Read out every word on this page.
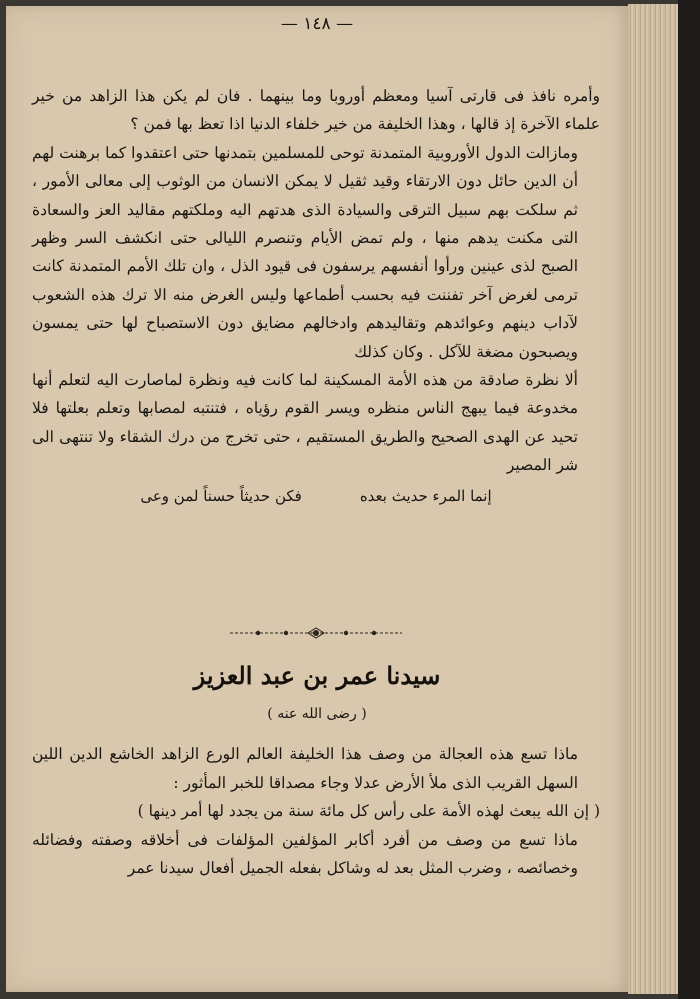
— ١٤٨ —

وأمره نافذ فى قارتى آسيا ومعظم أوروبا وما بينهما . فان لم يكن هذا الزاهد من خير علماء الآخرة إذ قالها ، وهذا الخليفة من خير خلفاء الدنيا اذا تعظ بها فمن ؟

ومازالت الدول الأوروبية المتمدنة توحى للمسلمين بتمدنها حتى اعتقدوا كما برهنت لهم أن الدين حائل دون الارتقاء وقيد ثقيل لا يمكن الانسان من الوثوب إلى معالى الأمور ، ثم سلكت بهم سبيل الترقى والسيادة الذى هدتهم اليه وملكتهم مقاليد العز والسعادة التى مكنت يدهم منها ، ولم تمض الأيام وتنصرم الليالى حتى انكشف السر وظهر الصبح لذى عينين ورأوا أنفسهم يرسفون فى قيود الذل ، وان تلك الأمم المتمدنة كانت ترمى لغرض آخر تفننت فيه بحسب أطماعها وليس الغرض منه الا ترك هذه الشعوب لآداب دينهم وعوائدهم وتقاليدهم وادخالهم مضايق دون الاستصباح لها حتى يمسون ويصبحون مضغة للآكل . وكان كذلك

ألا نظرة صادقة من هذه الأمة المسكينة لما كانت فيه ونظرة لماصارت اليه لتعلم أنها مخدوعة فيما يبهج الناس منظره ويسر القوم رؤياه ، فتنتبه لمصابها وتعلم بعلتها فلا تحيد عن الهدى الصحيح والطريق المستقيم ، حتى تخرج من درك الشقاء ولا تنتهى الى شر المصير

إنما المرء حديث بعده
فكن حديثاً حسناً لمن وعى
سيدنا عمر بن عبد العزيز
( رضى الله عنه )

ماذا تسع هذه العجالة من وصف هذا الخليفة العالم الورع الزاهد الخاشع الدين اللين السهل القريب الذى ملأ الأرض عدلا وجاء مصداقا للخبر المأثور :

( إن الله يبعث لهذه الأمة على رأس كل مائة سنة من يجدد لها أمر دينها )

ماذا تسع من وصف من أفرد أكابر المؤلفين المؤلفات فى أخلاقه وصفته وفضائله وخصائصه ، وضرب المثل بعد له وشاكل بفعله الجميل أفعال سيدنا عمر
